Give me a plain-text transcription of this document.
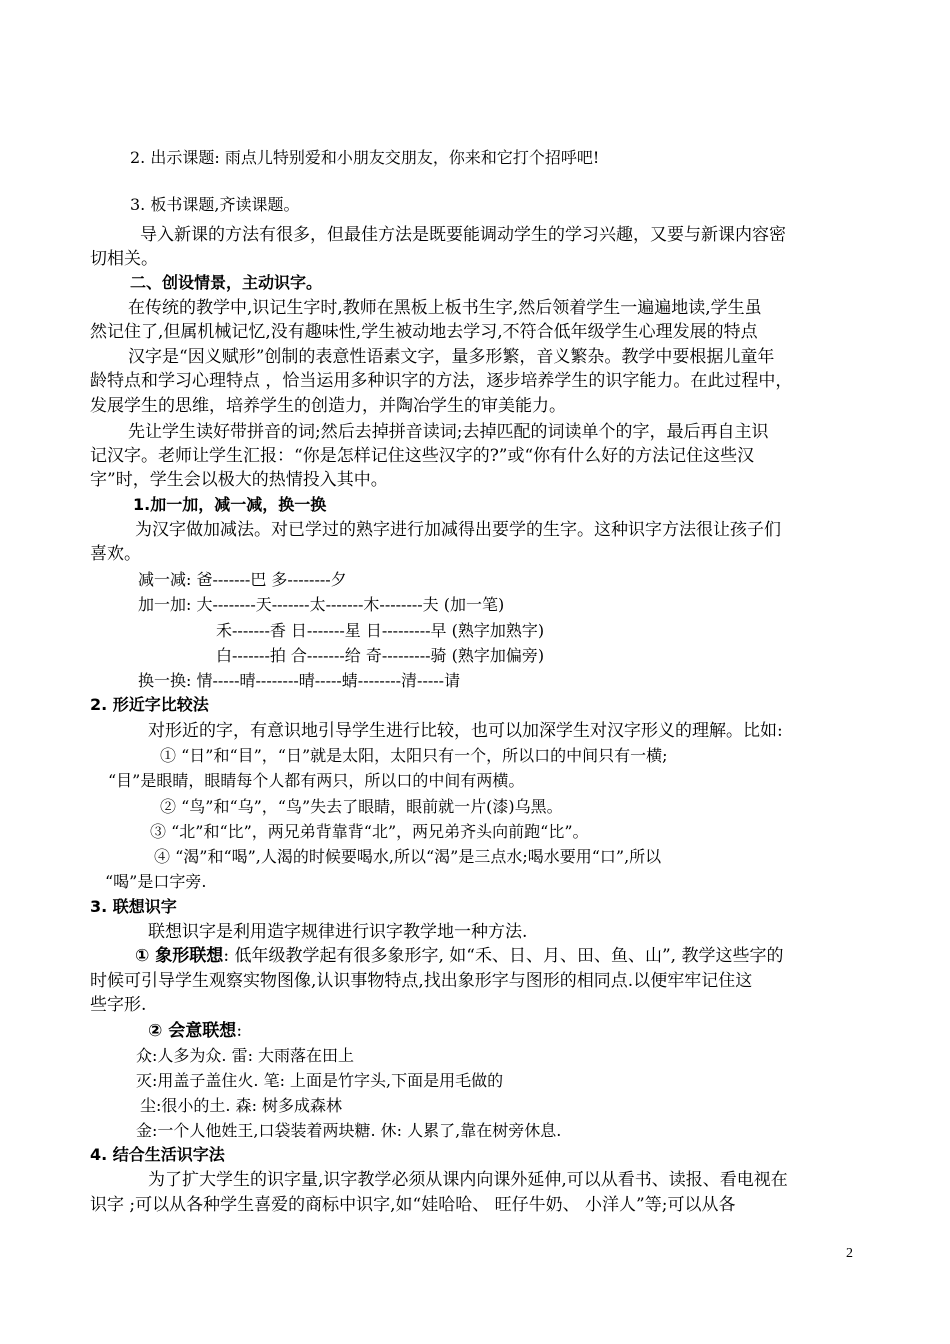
2. 出示课题: 雨点儿特别爱和小朋友交朋友，你来和它打个招呼吧!
3. 板书课题,齐读课题。
导入新课的方法有很多，但最佳方法是既要能调动学生的学习兴趣，又要与新课内容密
切相关。
二、创设情景，主动识字。
在传统的教学中,识记生字时,教师在黑板上板书生字,然后领着学生一遍遍地读,学生虽
然记住了,但属机械记忆,没有趣味性,学生被动地去学习,不符合低年级学生心理发展的特点
汉字是“因义赋形”创制的表意性语素文字，量多形繁，音义繁杂。教学中要根据儿童年
龄特点和学习心理特点 ，恰当运用多种识字的方法，逐步培养学生的识字能力。在此过程中，
发展学生的思维，培养学生的创造力，并陶冶学生的审美能力。
先让学生读好带拼音的词;然后去掉拼音读词;去掉匹配的词读单个的字，最后再自主识
记汉字。老师让学生汇报：“你是怎样记住这些汉字的?”或“你有什么好的方法记住这些汉
字”时，学生会以极大的热情投入其中。
1.加一加，减一减，换一换
为汉字做加减法。对已学过的熟字进行加减得出要学的生字。这种识字方法很让孩子们
喜欢。
减一减: 爸-------巴 多--------夕
加一加: 大--------天-------太-------木--------夫 (加一笔)
禾-------香 日-------星 日---------早 (熟字加熟字)
白-------拍 合-------给 奇---------骑 (熟字加偏旁)
换一换: 情-----晴--------晴-----蜻--------清-----请
2. 形近字比较法
对形近的字，有意识地引导学生进行比较，也可以加深学生对汉字形义的理解。比如:
① “日”和“目”，“日”就是太阳，太阳只有一个，所以口的中间只有一横;
“目”是眼睛，眼睛每个人都有两只，所以口的中间有两横。
② “鸟”和“乌”，“鸟”失去了眼睛，眼前就一片(漆)乌黑。
③ “北”和“比”，两兄弟背靠背“北”，两兄弟齐头向前跑“比”。
④ “渴”和“喝”,人渴的时候要喝水,所以“渴”是三点水;喝水要用“口”,所以
“喝”是口字旁.
3. 联想识字
联想识字是利用造字规律进行识字教学地一种方法.
① 象形联想: 低年级教学起有很多象形字, 如“禾、日、月、田、鱼、山”, 教学这些字的
时候可引导学生观察实物图像,认识事物特点,找出象形字与图形的相同点.以便牢牢记住这
些字形.
② 会意联想:
众:人多为众. 雷: 大雨落在田上
灭:用盖子盖住火. 笔: 上面是竹字头,下面是用毛做的
尘:很小的土. 森: 树多成森林
金:一个人他姓王,口袋装着两块糖. 休: 人累了,靠在树旁休息.
4. 结合生活识字法
为了扩大学生的识字量,识字教学必须从课内向课外延伸,可以从看书、读报、看电视在
识字 ;可以从各种学生喜爱的商标中识字,如“娃哈哈、 旺仔牛奶、 小洋人”等;可以从各
2
